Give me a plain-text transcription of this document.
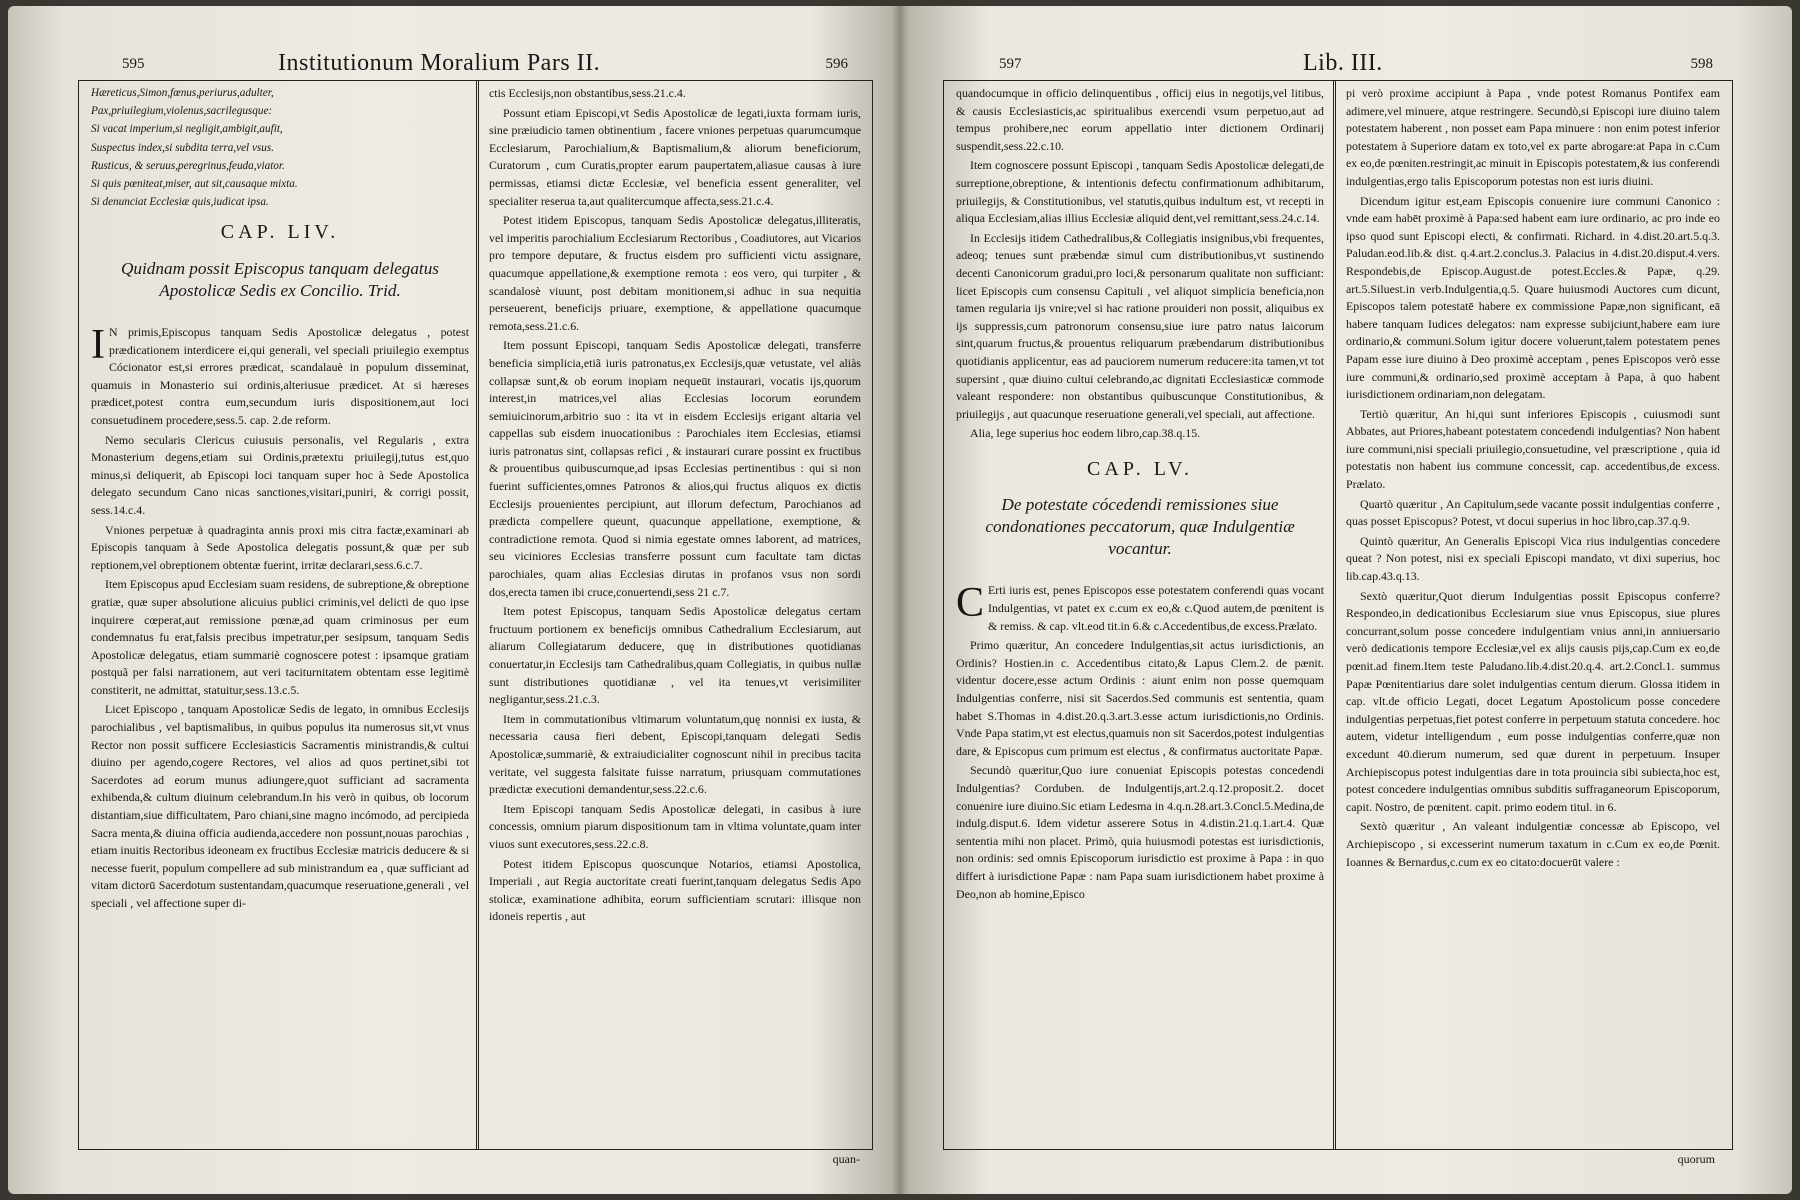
595	Institutionum Moralium Pars II.	596

Hæreticus,Simon,fœnus,periurus,adulter,

Pax,priuilegium,violenus,sacrilegusque:

Si vacat imperium,si negligit,ambigit,aufit,

Suspectus index,si subdita terra,vel vsus.

Rusticus, & seruus,peregrinus,feuda,viator.

Si quis pœniteat,miser, aut sit,causaque mixta.

Si denunciat Ecclesiæ quis,iudicat ipsa.

CAP. LIV.
Quidnam possit Episcopus tanquam delegatus Apostolicæ Sedis ex Concilio. Trid.
I N primis,Episcopus tanquam Sedis Apostolicæ delegatus , potest prædicationem interdicere ei,qui generali, vel speciali priuilegio exemptus Cócionator est,si errores prædicat, scandalauè in populum disseminat, quamuis in Monasterio sui ordinis,alteriusue prædicet. At si hæreses prædicet,potest contra eum,secundum iuris dispositionem,aut loci consuetudinem procedere,sess.5. cap. 2.de reform.

Nemo secularis Clericus cuiusuis personalis, vel Regularis , extra Monasterium degens,etiam sui Ordinis,prætextu priuilegij,tutus est,quo minus,si deliquerit, ab Episcopi loci tanquam super hoc à Sede Apostolica delegato secundum Cano nicas sanctiones,visitari,puniri, & corrigi possit, sess.14.c.4.

Vniones perpetuæ à quadraginta annis proxi mis citra factæ,examinari ab Episcopis tanquam à Sede Apostolica delegatis possunt,& quæ per sub reptionem,vel obreptionem obtentæ fuerint, irritæ declarari,sess.6.c.7.

Item Episcopus apud Ecclesiam suam residens, de subreptione,& obreptione gratiæ, quæ super absolutione alicuius publici criminis,vel delicti de quo ipse inquirere cœperat,aut remissione pœnæ,ad quam criminosus per eum condemnatus fu erat,falsis precibus impetratur,per sesipsum, tanquam Sedis Apostolicæ delegatus, etiam summariè cognoscere potest : ipsamque gratiam postquã per falsi narrationem, aut veri taciturnitatem obtentam esse legitimè constiterit, ne admittat, statuitur,sess.13.c.5.

Licet Episcopo , tanquam Apostolicæ Sedis de legato, in omnibus Ecclesijs parochialibus , vel baptismalibus, in quibus populus ita numerosus sit,vt vnus Rector non possit sufficere Ecclesiasticis Sacramentis ministrandis,& cultui diuino per agendo,cogere Rectores, vel alios ad quos pertinet,sibi tot Sacerdotes ad eorum munus adiungere,quot sufficiant ad sacramenta exhibenda,& cultum diuinum celebrandum.In his verò in quibus, ob locorum distantiam,siue difficultatem, Paro chiani,sine magno incómodo, ad percipieda Sacra menta,& diuina officia audienda,accedere non possunt,nouas parochias , etiam inuitis Rectoribus ideoneam ex fructibus Ecclesiæ matricis deducere & si necesse fuerit, populum compellere ad sub ministrandum ea , quæ sufficiant ad vitam dictorū Sacerdotum sustentandam,quacumque reseruatione,generali , vel speciali , vel affectione super di-

ctis Ecclesijs,non obstantibus,sess.21.c.4.

Possunt etiam Episcopi,vt Sedis Apostolicæ de legati,iuxta formam iuris, sine præiudicio tamen obtinentium , facere vniones perpetuas quarumcumque Ecclesiarum, Parochialium,& Baptismalium,& aliorum beneficiorum, Curatorum , cum Curatis,propter earum paupertatem,aliasue causas à iure permissas, etiamsi dictæ Ecclesiæ, vel beneficia essent generaliter, vel specialiter reserua ta,aut qualitercumque affecta,sess.21.c.4.

Potest itidem Episcopus, tanquam Sedis Apostolicæ delegatus,illiteratis, vel imperitis parochialium Ecclesiarum Rectoribus , Coadiutores, aut Vicarios pro tempore deputare, & fructus eisdem pro sufficienti victu assignare, quacumque appellatione,& exemptione remota : eos vero, qui turpiter , & scandalosè viuunt, post debitam monitionem,si adhuc in sua nequitia perseuerent, beneficijs priuare, exemptione, & appellatione quacumque remota,sess.21.c.6.

Item possunt Episcopi, tanquam Sedis Apostolicæ delegati, transferre beneficia simplicia,etiã iuris patronatus,ex Ecclesijs,quæ vetustate, vel aliàs collapsæ sunt,& ob eorum inopiam nequeūt instaurari, vocatis ijs,quorum interest,in matrices,vel alias Ecclesias locorum eorundem semiuicinorum,arbitrio suo : ita vt in eisdem Ecclesijs erigant altaria vel cappellas sub eisdem inuocationibus : Parochiales item Ecclesias, etiamsi iuris patronatus sint, collapsas refici , & instaurari curare possint ex fructibus & prouentibus quibuscumque,ad ipsas Ecclesias pertinentibus : qui si non fuerint sufficientes,omnes Patronos & alios,qui fructus aliquos ex dictis Ecclesijs prouenientes percipiunt, aut illorum defectum, Parochianos ad prædicta compellere queunt, quacunque appellatione, exemptione, & contradictione remota. Quod si nimia egestate omnes laborent, ad matrices, seu viciniores Ecclesias transferre possunt cum facultate tam dictas parochiales, quam alias Ecclesias dirutas in profanos vsus non sordi dos,erecta tamen ibi cruce,conuertendi,sess 21 c.7.

Item potest Episcopus, tanquam Sedis Apostolicæ delegatus certam fructuum portionem ex beneficijs omnibus Cathedralium Ecclesiarum, aut aliarum Collegiatarum deducere, quę in distributiones quotidianas conuertatur,in Ecclesijs tam Cathedralibus,quam Collegiatis, in quibus nullæ sunt distributiones quotidianæ , vel ita tenues,vt verisimiliter negligantur,sess.21.c.3.

Item in commutationibus vltimarum voluntatum,quę nonnisi ex iusta, & necessaria causa fieri debent, Episcopi,tanquam delegati Sedis Apostolicæ,summariè, & extraiudicialiter cognoscunt nihil in precibus tacita veritate, vel suggesta falsitate fuisse narratum, priusquam commutationes prædictæ executioni demandentur,sess.22.c.6.

Item Episcopi tanquam Sedis Apostolicæ delegati, in casibus à iure concessis, omnium piarum dispositionum tam in vltima voluntate,quam inter viuos sunt executores,sess.22.c.8.

Potest itidem Episcopus quoscunque Notarios, etiamsi Apostolica, Imperiali , aut Regia auctoritate creati fuerint,tanquam delegatus Sedis Apo stolicæ, examinatione adhibita, eorum sufficientiam scrutari: illisque non idoneis repertis , aut

quan-
597	Lib. III.	598

quandocumque in officio delinquentibus , officij eius in negotijs,vel litibus, & causis Ecclesiasticis,ac spiritualibus exercendi vsum perpetuo,aut ad tempus prohibere,nec eorum appellatio inter dictionem Ordinarij suspendit,sess.22.c.10.

Item cognoscere possunt Episcopi , tanquam Sedis Apostolicæ delegati,de surreptione,obreptione, & intentionis defectu confirmationum adhibitarum, priuilegijs, & Constitutionibus, vel statutis,quibus indultum est, vt recepti in aliqua Ecclesiam,alias illius Ecclesiæ aliquid dent,vel remittant,sess.24.c.14.

In Ecclesijs itidem Cathedralibus,& Collegiatis insignibus,vbi frequentes, adeoq; tenues sunt præbendæ simul cum distributionibus,vt sustinendo decenti Canonicorum gradui,pro loci,& personarum qualitate non sufficiant: licet Episcopis cum consensu Capituli , vel aliquot simplicia beneficia,non tamen regularia ijs vnire;vel si hac ratione prouideri non possit, aliquibus ex ijs suppressis,cum patronorum consensu,siue iure patro natus laicorum sint,quarum fructus,& prouentus reliquarum præbendarum distributionibus quotidianis applicentur, eas ad pauciorem numerum reducere:ita tamen,vt tot supersint , quæ diuino cultui celebrando,ac dignitati Ecclesiasticæ commode valeant respondere: non obstantibus quibuscunque Constitutionibus, & priuilegijs , aut quacunque reseruatione generali,vel speciali, aut affectione.

Alia, lege superius hoc eodem libro,cap.38.q.15.

CAP. LV.
De potestate cócedendi remissiones siue condonationes peccatorum, quæ Indulgentiæ vocantur.
C Erti iuris est, penes Episcopos esse potestatem conferendi quas vocant Indulgentias, vt patet ex c.cum ex eo,& c.Quod autem,de pœnitent is & remiss. & cap. vlt.eod tit.in 6.& c.Accedentibus,de excess.Prælato.

Primo quæritur, An concedere Indulgentias,sit actus iurisdictionis, an Ordinis? Hostien.in c. Accedentibus citato,& Lapus Clem.2. de pænit. videntur docere,esse actum Ordinis : aiunt enim non posse quemquam Indulgentias conferre, nisi sit Sacerdos.Sed communis est sententia, quam habet S.Thomas in 4.dist.20.q.3.art.3.esse actum iurisdictionis,no Ordinis. Vnde Papa statim,vt est electus,quamuis non sit Sacerdos,potest indulgentias dare, & Episcopus cum primum est electus , & confirmatus auctoritate Papæ.

Secundò quæritur,Quo iure conueniat Episcopis potestas concedendi Indulgentias? Corduben. de Indulgentijs,art.2.q.12.proposit.2. docet conuenire iure diuino.Sic etiam Ledesma in 4.q.n.28.art.3.Concl.5.Medina,de indulg.disput.6. Idem videtur asserere Sotus in 4.distin.21.q.1.art.4. Quæ sententia mihi non placet. Primò, quia huiusmodi potestas est iurisdictionis, non ordinis: sed omnis Episcoporum iurisdictio est proxime à Papa : in quo differt à iurisdictione Papæ : nam Papa suam iurisdictionem habet proxime à Deo,non ab homine,Episco

pi verò proxime accipiunt à Papa , vnde potest Romanus Pontifex eam adimere,vel minuere, atque restringere. Secundò,si Episcopi iure diuino talem potestatem haberent , non posset eam Papa minuere : non enim potest inferior potestatem à Superiore datam ex toto,vel ex parte abrogare:at Papa in c.Cum ex eo,de pœniten.restringit,ac minuit in Episcopis potestatem,& ius conferendi indulgentias,ergo talis Episcoporum potestas non est iuris diuini.

Dicendum igitur est,eam Episcopis conuenire iure communi Canonico : vnde eam habēt proximè à Papa:sed habent eam iure ordinario, ac pro inde eo ipso quod sunt Episcopi electi, & confirmati. Richard. in 4.dist.20.art.5.q.3. Paludan.eod.lib.& dist. q.4.art.2.conclus.3. Palacius in 4.dist.20.disput.4.vers. Respondebis,de Episcop.August.de potest.Eccles.& Papæ, q.29. art.5.Siluest.in verb.Indulgentia,q.5. Quare huiusmodi Auctores cum dicunt, Episcopos talem potestatē habere ex commissione Papæ,non significant, eā habere tanquam Iudices delegatos: nam expresse subijciunt,habere eam iure ordinario,& communi.Solum igitur docere voluerunt,talem potestatem penes Papam esse iure diuino à Deo proximè acceptam , penes Episcopos verò esse iure communi,& ordinario,sed proximè acceptam à Papa, à quo habent iurisdictionem ordinariam,non delegatam.

Tertiò quæritur, An hi,qui sunt inferiores Episcopis , cuiusmodi sunt Abbates, aut Priores,habeant potestatem concedendi indulgentias? Non habent iure communi,nisi speciali priuilegio,consuetudine, vel præscriptione , quia id potestatis non habent ius commune concessit, cap. accedentibus,de excess. Prælato.

Quartò quæritur , An Capitulum,sede vacante possit indulgentias conferre , quas posset Episcopus? Potest, vt docui superius in hoc libro,cap.37.q.9.

Quintò quæritur, An Generalis Episcopi Vica rius indulgentias concedere queat ? Non potest, nisi ex speciali Episcopi mandato, vt dixi superius, hoc lib.cap.43.q.13.

Sextò quæritur,Quot dierum Indulgentias possit Episcopus conferre? Respondeo,in dedicationibus Ecclesiarum siue vnus Episcopus, siue plures concurrant,solum posse concedere indulgentiam vnius anni,in anniuersario verò dedicationis tempore Ecclesiæ,vel ex alijs causis pijs,cap.Cum ex eo,de pœnit.ad finem.Item teste Paludano.lib.4.dist.20.q.4. art.2.Concl.1. summus Papæ Pœnitentiarius dare solet indulgentias centum dierum. Glossa itidem in cap. vlt.de officio Legati, docet Legatum Apostolicum posse concedere indulgentias perpetuas,fiet potest conferre in perpetuum statuta concedere. hoc autem, videtur intelligendum , eum posse indulgentias conferre,quæ non excedunt 40.dierum numerum, sed quæ durent in perpetuum. Insuper Archiepiscopus potest indulgentias dare in tota prouincia sibi subiecta,hoc est, potest concedere indulgentias omnibus subditis suffraganeorum Episcoporum, capit. Nostro, de pœnitent. capit. primo eodem titul. in 6.

Sextò quæritur , An valeant indulgentiæ concessæ ab Episcopo, vel Archiepiscopo , si excesserint numerum taxatum in c.Cum ex eo,de Pœnit. Ioannes & Bernardus,c.cum ex eo citato:docuerūt valere :

quorum
